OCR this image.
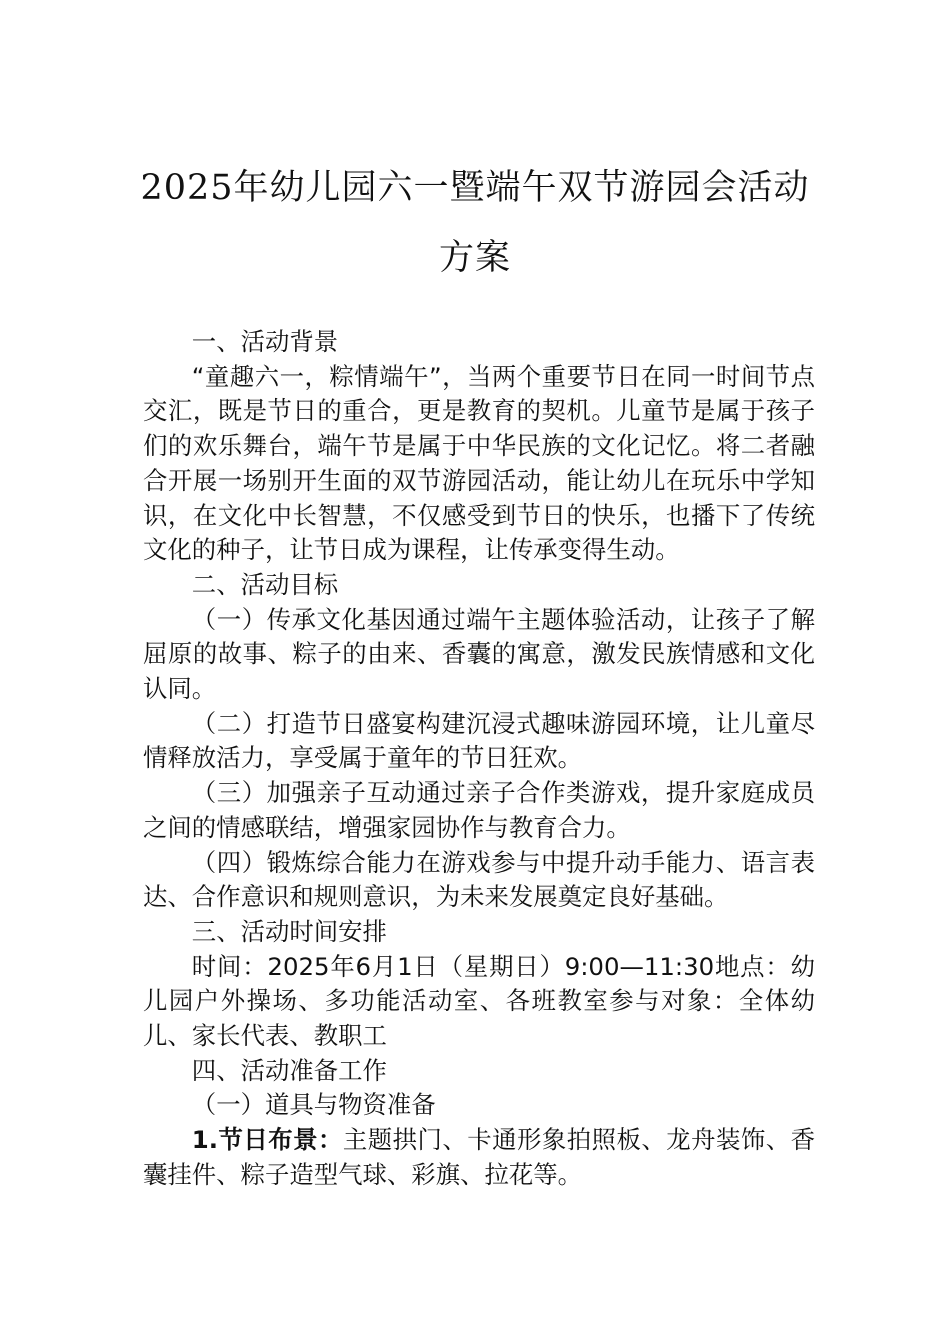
2025年幼儿园六一暨端午双节游园会活动
方案

一、活动背景

“童趣六一，粽情端午”，当两个重要节日在同一时间节点交汇，既是节日的重合，更是教育的契机。儿童节是属于孩子们的欢乐舞台，端午节是属于中华民族的文化记忆。将二者融合开展一场别开生面的双节游园活动，能让幼儿在玩乐中学知识，在文化中长智慧，不仅感受到节日的快乐，也播下了传统文化的种子，让节日成为课程，让传承变得生动。

二、活动目标

（一）传承文化基因通过端午主题体验活动，让孩子了解屈原的故事、粽子的由来、香囊的寓意，激发民族情感和文化认同。

（二）打造节日盛宴构建沉浸式趣味游园环境，让儿童尽情释放活力，享受属于童年的节日狂欢。

（三）加强亲子互动通过亲子合作类游戏，提升家庭成员之间的情感联结，增强家园协作与教育合力。

（四）锻炼综合能力在游戏参与中提升动手能力、语言表达、合作意识和规则意识，为未来发展奠定良好基础。

三、活动时间安排

时间：2025年6月1日（星期日）9:00—11:30地点：幼儿园户外操场、多功能活动室、各班教室参与对象：全体幼儿、家长代表、教职工

四、活动准备工作

（一）道具与物资准备

1.节日布景：主题拱门、卡通形象拍照板、龙舟装饰、香囊挂件、粽子造型气球、彩旗、拉花等。
